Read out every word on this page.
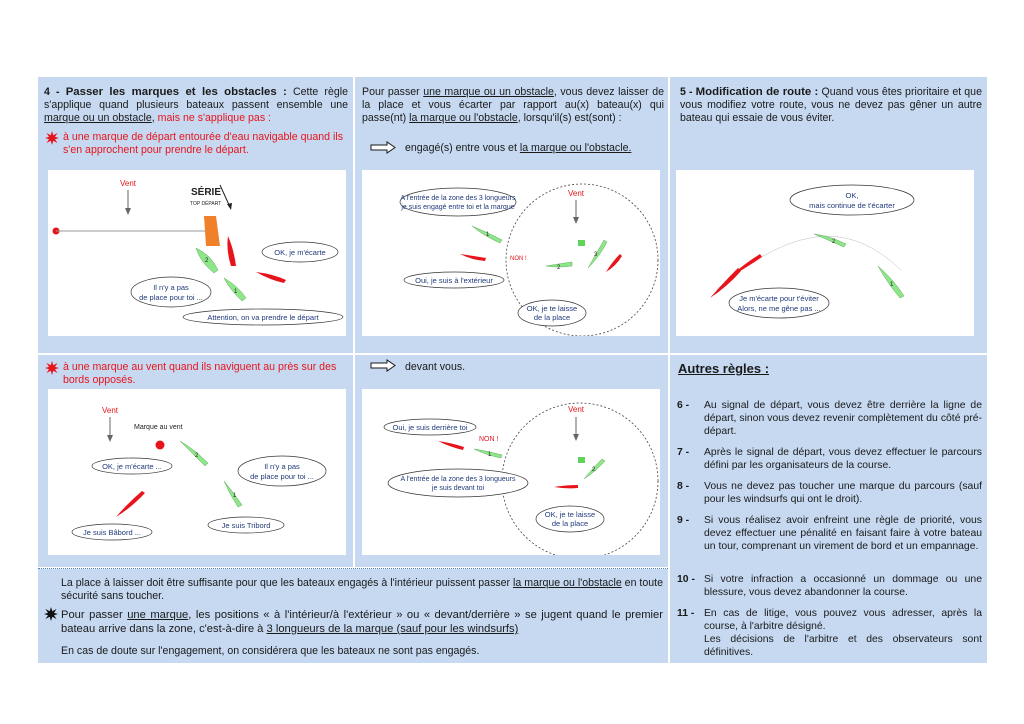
4 - Passer les marques et les obstacles : Cette règle s'applique quand plusieurs bateaux passent ensemble une marque ou un obstacle, mais ne s'applique pas :
à une marque de départ entourée d'eau navigable quand ils s'en approchent pour prendre le départ.
Pour passer une marque ou un obstacle, vous devez laisser de la place et vous écarter par rapport au(x) bateau(x) qui passe(nt) la marque ou l'obstacle, lorsqu'il(s) est(sont) :
engagé(s) entre vous et la marque ou l'obstacle.
5 - Modification de route : Quand vous êtes prioritaire et que vous modifiez votre route, vous ne devez pas gêner un autre bateau qui essaie de vous éviter.
à une marque au vent quand ils naviguent au près sur des bords opposés.
devant vous.	Autres règles :
6 -	Au signal de départ, vous devez être derrière la ligne de départ, sinon vous devez revenir complètement du côté pré-départ.
7 -	Après le signal de départ, vous devez effectuer le parcours défini par les organisateurs de la course.
8 -	Vous ne devez pas toucher une marque du parcours (sauf pour les windsurfs qui ont le droit).
9 -	Si vous réalisez avoir enfreint une règle de priorité, vous devez effectuer une pénalité en faisant faire à votre bateau un tour, comprenant un virement de bord et un empannage.
10 - Si votre infraction a occasionné un dommage ou une blessure, vous devez abandonner la course.
11 - En cas de litige, vous pouvez vous adresser, après la course, à l'arbitre désigné.
Les décisions de l'arbitre et des observateurs sont définitives.
La place à laisser doit être suffisante pour que les bateaux engagés à l'intérieur puissent passer la marque ou l'obstacle en toute sécurité sans toucher.
Pour passer une marque, les positions « à l'intérieur/à l'extérieur » ou « devant/derrière » se jugent quand le premier bateau arrive dans la zone, c'est-à-dire à 3 longueurs de la marque (sauf pour les windsurfs)
En cas de doute sur l'engagement, on considérera que les bateaux ne sont pas engagés.
Vent
SÉRIE
TOP DÉPART
2
1
OK, je m'écarte
Il n'y a pas
de place pour toi ...
Attention, on va prendre le départ
Vent
A l'entrée de la zone des 3 longueurs
je suis engagé entre toi et la marque
1
NON !
2
3
Oui, je suis à l'extérieur
OK, je te laisse
de la place
OK,
mais continue de t'écarter
2
1
Je m'écarte pour t'éviter
Alors, ne me gêne pas ...
Vent
Marque au vent
2
1
OK, je m'écarte ...	Il n'y a pas
de place pour toi ...
Je suis Tribord
Je suis Bâbord ...
Vent
Oui, je suis derrière toi
NON !
1
2
A l'entrée de la zone des 3 longueurs
je suis devant toi
OK, je te laisse
de la place
